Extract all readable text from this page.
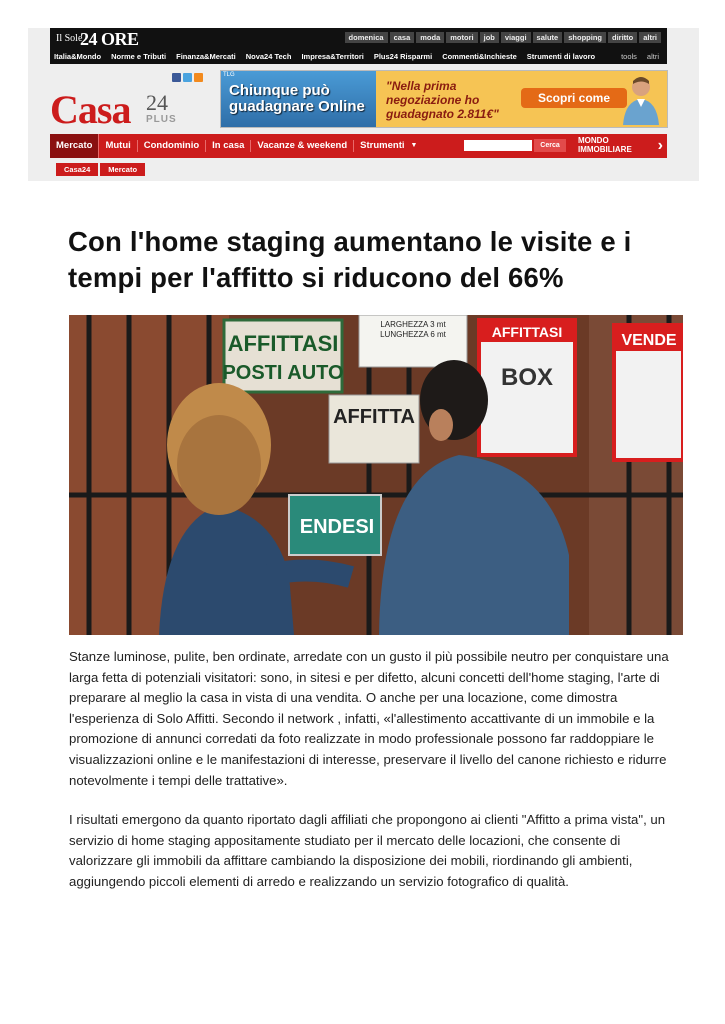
Il Sole
24 ORE	domenica	casa	moda	motori	job	viaggi	salute	shopping	diritto	altri
Italia&Mondo Norme e Tributi Finanza&Mercati Nova24 Tech Impresa&Territori Plus24 Risparmi Commenti&Inchieste Strumenti di lavoro	tools altri
Casa 24
PLUS
TLG
Chiunque può guadagnare Online
"Nella prima negoziazione ho guadagnato 2.811€"
Scopri come
Mercato	Mutui	Condominio	In casa	Vacanze & weekend	Strumenti ▼	Cerca
MONDO IMMOBILIARE	›
Casa24	Mercato
Con l'home staging aumentano le visite e i tempi per l'affitto si riducono del 66%
AFFITTASI
POSTI AUTO
LARGHEZZA 3 mt
LUNGHEZZA 6 mt
AFFITTA
AFFITTASI
BOX
VENDE
ENDESI

Stanze luminose, pulite, ben ordinate, arredate con un gusto il più possibile neutro per conquistare una larga fetta di potenziali visitatori: sono, in sitesi e per difetto, alcuni concetti dell'home staging, l'arte di preparare al meglio la casa in vista di una vendita. O anche per una locazione, come dimostra l'esperienza di Solo Affitti. Secondo il network , infatti, «l'allestimento accattivante di un immobile e la promozione di annunci corredati da foto realizzate in modo professionale possono far raddoppiare le visualizzazioni online e le manifestazioni di interesse, preservare il livello del canone richiesto e ridurre notevolmente i tempi delle trattative».

I risultati emergono da quanto riportato dagli affiliati che propongono ai clienti "Affitto a prima vista", un servizio di home staging appositamente studiato per il mercato delle locazioni, che consente di valorizzare gli immobili da affittare cambiando la disposizione dei mobili, riordinando gli ambienti, aggiungendo piccoli elementi di arredo e realizzando un servizio fotografico di qualità.
